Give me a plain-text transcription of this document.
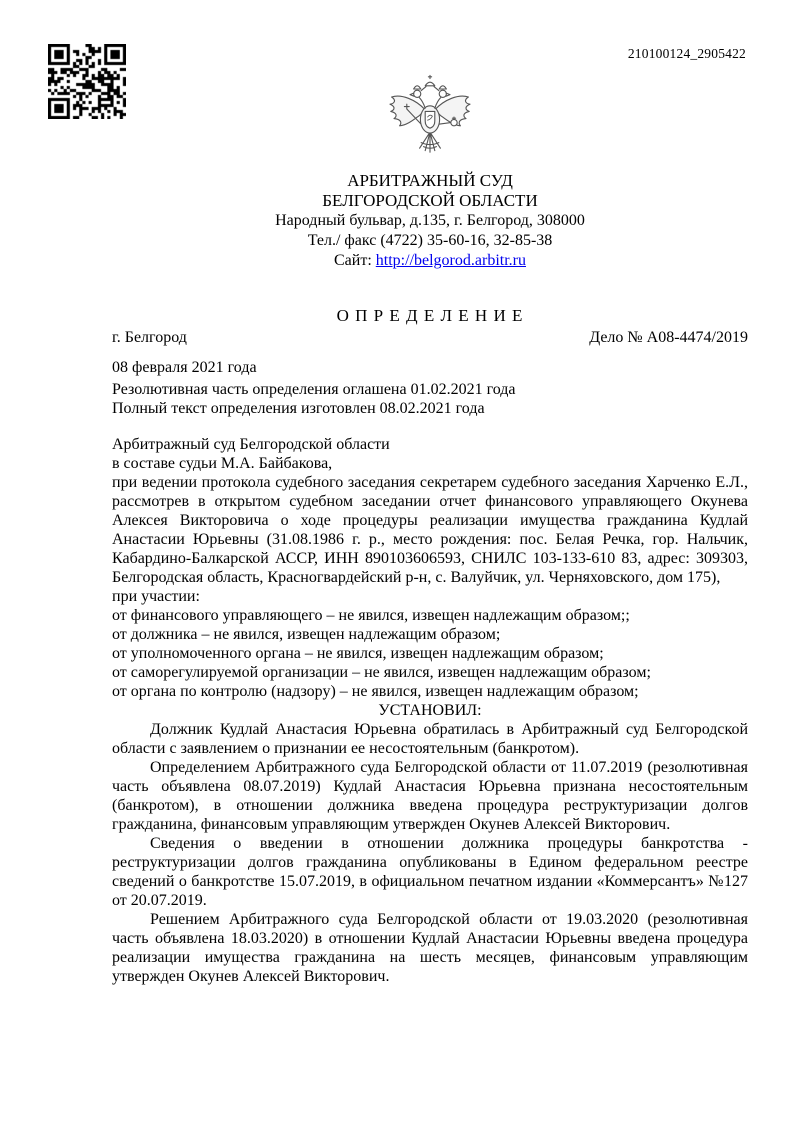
210100124_2905422
АРБИТРАЖНЫЙ СУД
БЕЛГОРОДСКОЙ ОБЛАСТИ
Народный бульвар, д.135, г. Белгород, 308000
Тел./ факс (4722) 35-60-16, 32-85-38
Сайт: http://belgorod.arbitr.ru
О П Р Е Д Е Л Е Н И Е
г. Белгород	Дело № А08-4474/2019
08 февраля 2021 года
Резолютивная часть определения оглашена 01.02.2021 года
Полный текст определения изготовлен 08.02.2021 года
Арбитражный суд Белгородской области
в составе судьи М.А. Байбакова,

при ведении протокола судебного заседания секретарем судебного заседания Харченко Е.Л., рассмотрев в открытом судебном заседании отчет финансового управляющего Окунева Алексея Викторовича о ходе процедуры реализации имущества гражданина Кудлай Анастасии Юрьевны (31.08.1986 г. р., место рождения: пос. Белая Речка, гор. Нальчик, Кабардино-Балкарской АССР, ИНН 890103606593, СНИЛС 103-133-610 83, адрес: 309303, Белгородская область, Красногвардейский р-н, с. Валуйчик, ул. Черняховского, дом 175),

при участии:
от финансового управляющего – не явился, извещен надлежащим образом;;
от должника – не явился, извещен надлежащим образом;
от уполномоченного органа – не явился, извещен надлежащим образом;
от саморегулируемой организации – не явился, извещен надлежащим образом;
от органа по контролю (надзору) – не явился, извещен надлежащим образом;
УСТАНОВИЛ:

Должник Кудлай Анастасия Юрьевна обратилась в Арбитражный суд Белгородской области с заявлением о признании ее несостоятельным (банкротом).

Определением Арбитражного суда Белгородской области от 11.07.2019 (резолютивная часть объявлена 08.07.2019) Кудлай Анастасия Юрьевна признана несостоятельным (банкротом), в отношении должника введена процедура реструктуризации долгов гражданина, финансовым управляющим утвержден Окунев Алексей Викторович.

Сведения о введении в отношении должника процедуры банкротства - реструктуризации долгов гражданина опубликованы в Едином федеральном реестре сведений о банкротстве 15.07.2019, в официальном печатном издании «Коммерсантъ» №127 от 20.07.2019.

Решением Арбитражного суда Белгородской области от 19.03.2020 (резолютивная часть объявлена 18.03.2020) в отношении Кудлай Анастасии Юрьевны введена процедура реализации имущества гражданина на шесть месяцев, финансовым управляющим утвержден Окунев Алексей Викторович.
